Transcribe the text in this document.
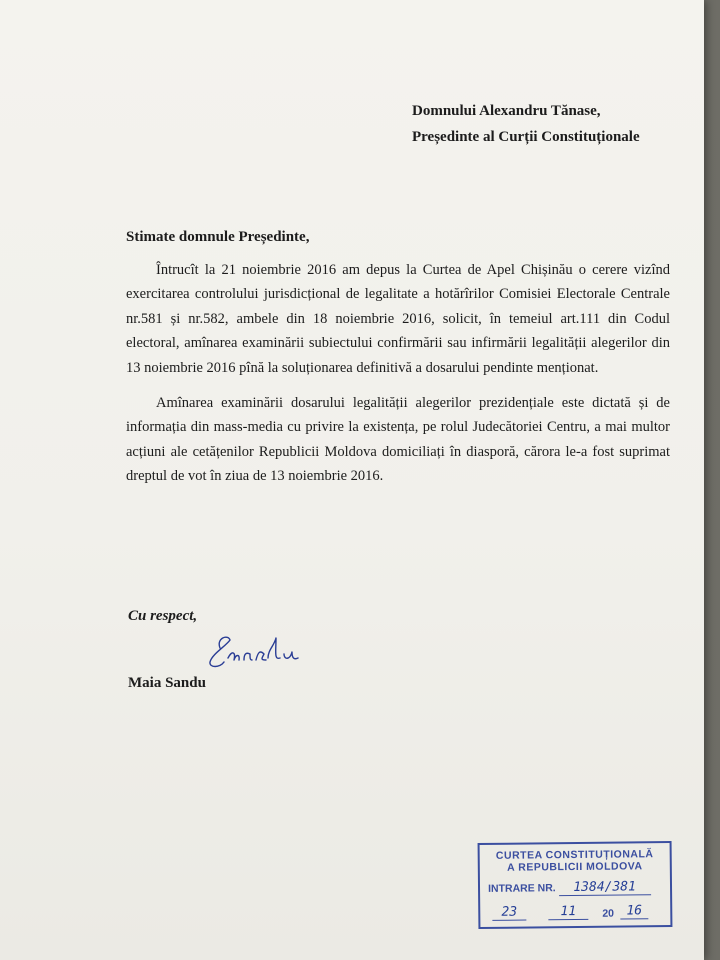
Domnului Alexandru Tănase,
Președinte al Curții Constituționale
Stimate domnule Președinte,

Întrucît la 21 noiembrie 2016 am depus la Curtea de Apel Chișinău o cerere vizînd exercitarea controlului jurisdicțional de legalitate a hotărîrilor Comisiei Electorale Centrale nr.581 și nr.582, ambele din 18 noiembrie 2016, solicit, în temeiul art.111 din Codul electoral, amînarea examinării subiectului confirmării sau infirmării legalității alegerilor din 13 noiembrie 2016 pînă la soluționarea definitivă a dosarului pendinte menționat.

Amînarea examinării dosarului legalității alegerilor prezidențiale este dictată și de informația din mass-media cu privire la existența, pe rolul Judecătoriei Centru, a mai multor acțiuni ale cetățenilor Republicii Moldova domiciliați în diasporă, cărora le-a fost suprimat dreptul de vot în ziua de 13 noiembrie 2016.

Cu respect,
Maia Sandu
CURTEA CONSTITUȚIONALĂ
A REPUBLICII MOLDOVA
INTRARE NR. 1384/381
23	11	20 16
